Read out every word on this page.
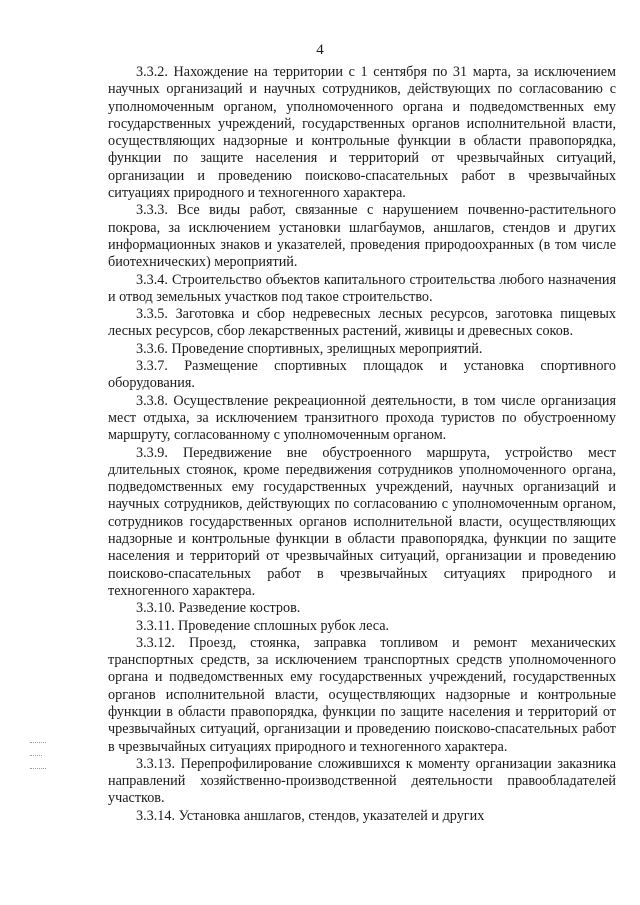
4

3.3.2. Нахождение на территории с 1 сентября по 31 марта, за исключением научных организаций и научных сотрудников, действующих по согласованию с уполномоченным органом, уполномоченного органа и подведомственных ему государственных учреждений, государственных органов исполнительной власти, осуществляющих надзорные и контрольные функции в области правопорядка, функции по защите населения и территорий от чрезвычайных ситуаций, организации и проведению поисково-спасательных работ в чрезвычайных ситуациях природного и техногенного характера.

3.3.3. Все виды работ, связанные с нарушением почвенно-растительного покрова, за исключением установки шлагбаумов, аншлагов, стендов и других информационных знаков и указателей, проведения природоохранных (в том числе биотехнических) мероприятий.

3.3.4. Строительство объектов капитального строительства любого назначения и отвод земельных участков под такое строительство.

3.3.5. Заготовка и сбор недревесных лесных ресурсов, заготовка пищевых лесных ресурсов, сбор лекарственных растений, живицы и древесных соков.

3.3.6. Проведение спортивных, зрелищных мероприятий.

3.3.7. Размещение спортивных площадок и установка спортивного оборудования.

3.3.8. Осуществление рекреационной деятельности, в том числе организация мест отдыха, за исключением транзитного прохода туристов по обустроенному маршруту, согласованному с уполномоченным органом.

3.3.9. Передвижение вне обустроенного маршрута, устройство мест длительных стоянок, кроме передвижения сотрудников уполномоченного органа, подведомственных ему государственных учреждений, научных организаций и научных сотрудников, действующих по согласованию с уполномоченным органом, сотрудников государственных органов исполнительной власти, осуществляющих надзорные и контрольные функции в области правопорядка, функции по защите населения и территорий от чрезвычайных ситуаций, организации и проведению поисково-спасательных работ в чрезвычайных ситуациях природного и техногенного характера.

3.3.10. Разведение костров.

3.3.11. Проведение сплошных рубок леса.

3.3.12. Проезд, стоянка, заправка топливом и ремонт механических транспортных средств, за исключением транспортных средств уполномоченного органа и подведомственных ему государственных учреждений, государственных органов исполнительной власти, осуществляющих надзорные и контрольные функции в области правопорядка, функции по защите населения и территорий от чрезвычайных ситуаций, организации и проведению поисково-спасательных работ в чрезвычайных ситуациях природного и техногенного характера.

3.3.13. Перепрофилирование сложившихся к моменту организации заказника направлений хозяйственно-производственной деятельности правообладателей участков.

3.3.14. Установка аншлагов, стендов, указателей и других
